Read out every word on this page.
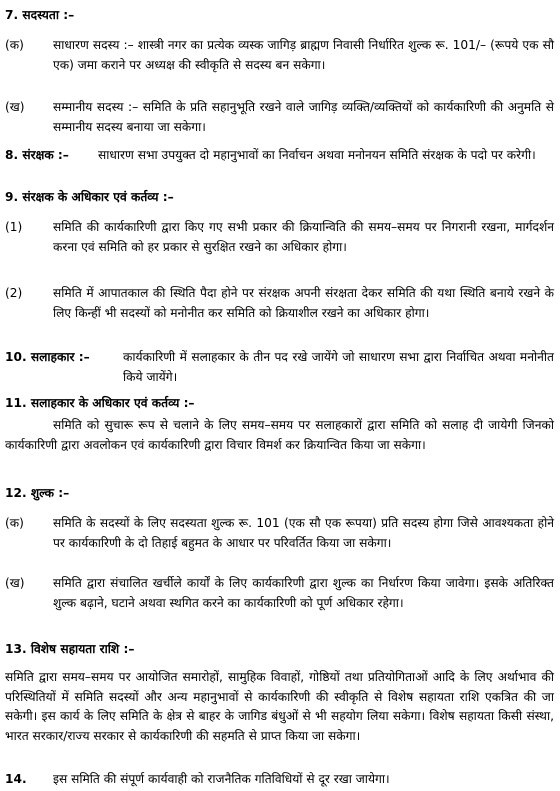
7. सदस्यता :–
(क) साधारण सदस्य :– शास्त्री नगर का प्रत्येक व्यस्क जागिड़ ब्राह्मण निवासी निर्धारित शुल्क रू. 101/– (रूपये एक सौ एक) जमा कराने पर अध्यक्ष की स्वीकृति से सदस्य बन सकेगा।
(ख) सम्मानीय सदस्य :– समिति के प्रति सहानुभूति रखने वाले जागिड़ व्यक्ति/व्यक्तियों को कार्यकारिणी की अनुमति से सम्मानीय सदस्य बनाया जा सकेगा।
8. संरक्षक :– साधारण सभा उपयुक्त दो महानुभावों का निर्वाचन अथवा मनोनयन समिति संरक्षक के पदो पर करेगी।
9. संरक्षक के अधिकार एवं कर्तव्य :–
(1)	समिति की कार्यकारिणी द्वारा किए गए सभी प्रकार की क्रियान्विति की समय–समय पर निगरानी रखना, मार्गदर्शन करना एवं समिति को हर प्रकार से सुरक्षित रखने का अधिकार होगा।
(2)	समिति में आपातकाल की स्थिति पैदा होने पर संरक्षक अपनी संरक्षता देकर समिति की यथा स्थिति बनाये रखने के लिए किन्हीं भी सदस्यों को मनोनीत कर समिति को क्रियाशील रखने का अधिकार होगा।
10. सलाहकार :–	कार्यकारिणी में सलाहकार के तीन पद रखे जायेंगे जो साधारण सभा द्वारा निर्वाचित अथवा मनोनीत किये जायेंगे।
11. सलाहकार के अधिकार एवं कर्तव्य :–
समिति को सुचारू रूप से चलाने के लिए समय–समय पर सलाहकारों द्वारा समिति को सलाह दी जायेगी जिनको कार्यकारिणी द्वारा अवलोकन एवं कार्यकारिणी द्वारा विचार विमर्श कर क्रियान्वित किया जा सकेगा।
12. शुल्क :–
(क) समिति के सदस्यों के लिए सदस्यता शुल्क रू. 101 (एक सौ एक रूपया) प्रति सदस्य होगा जिसे आवश्यकता होने पर कार्यकारिणी के दो तिहाई बहुमत के आधार पर परिवर्तित किया जा सकेगा।
(ख) समिति द्वारा संचालित खर्चीले कार्यों के लिए कार्यकारिणी द्वारा शुल्क का निर्धारण किया जावेगा। इसके अतिरिक्त शुल्क बढ़ाने, घटाने अथवा स्थगित करने का कार्यकारिणी को पूर्ण अधिकार रहेगा।
13. विशेष सहायता राशि :–
समिति द्वारा समय–समय पर आयोजित समारोहों, सामुहिक विवाहों, गोष्ठियों तथा प्रतियोगिताओं आदि के लिए अर्थाभाव की परिस्थितियों में समिति सदस्यों और अन्य महानुभावों से कार्यकारिणी की स्वीकृति से विशेष सहायता राशि एकत्रित की जा सकेगी। इस कार्य के लिए समिति के क्षेत्र से बाहर के जागिड बंधुओं से भी सहयोग लिया सकेगा। विशेष सहायता किसी संस्था, भारत सरकार/राज्य सरकार से कार्यकारिणी की सहमति से प्राप्त किया जा सकेगा।
14. इस समिति की संपूर्ण कार्यवाही को राजनैतिक गतिविधियों से दूर रखा जायेगा।
